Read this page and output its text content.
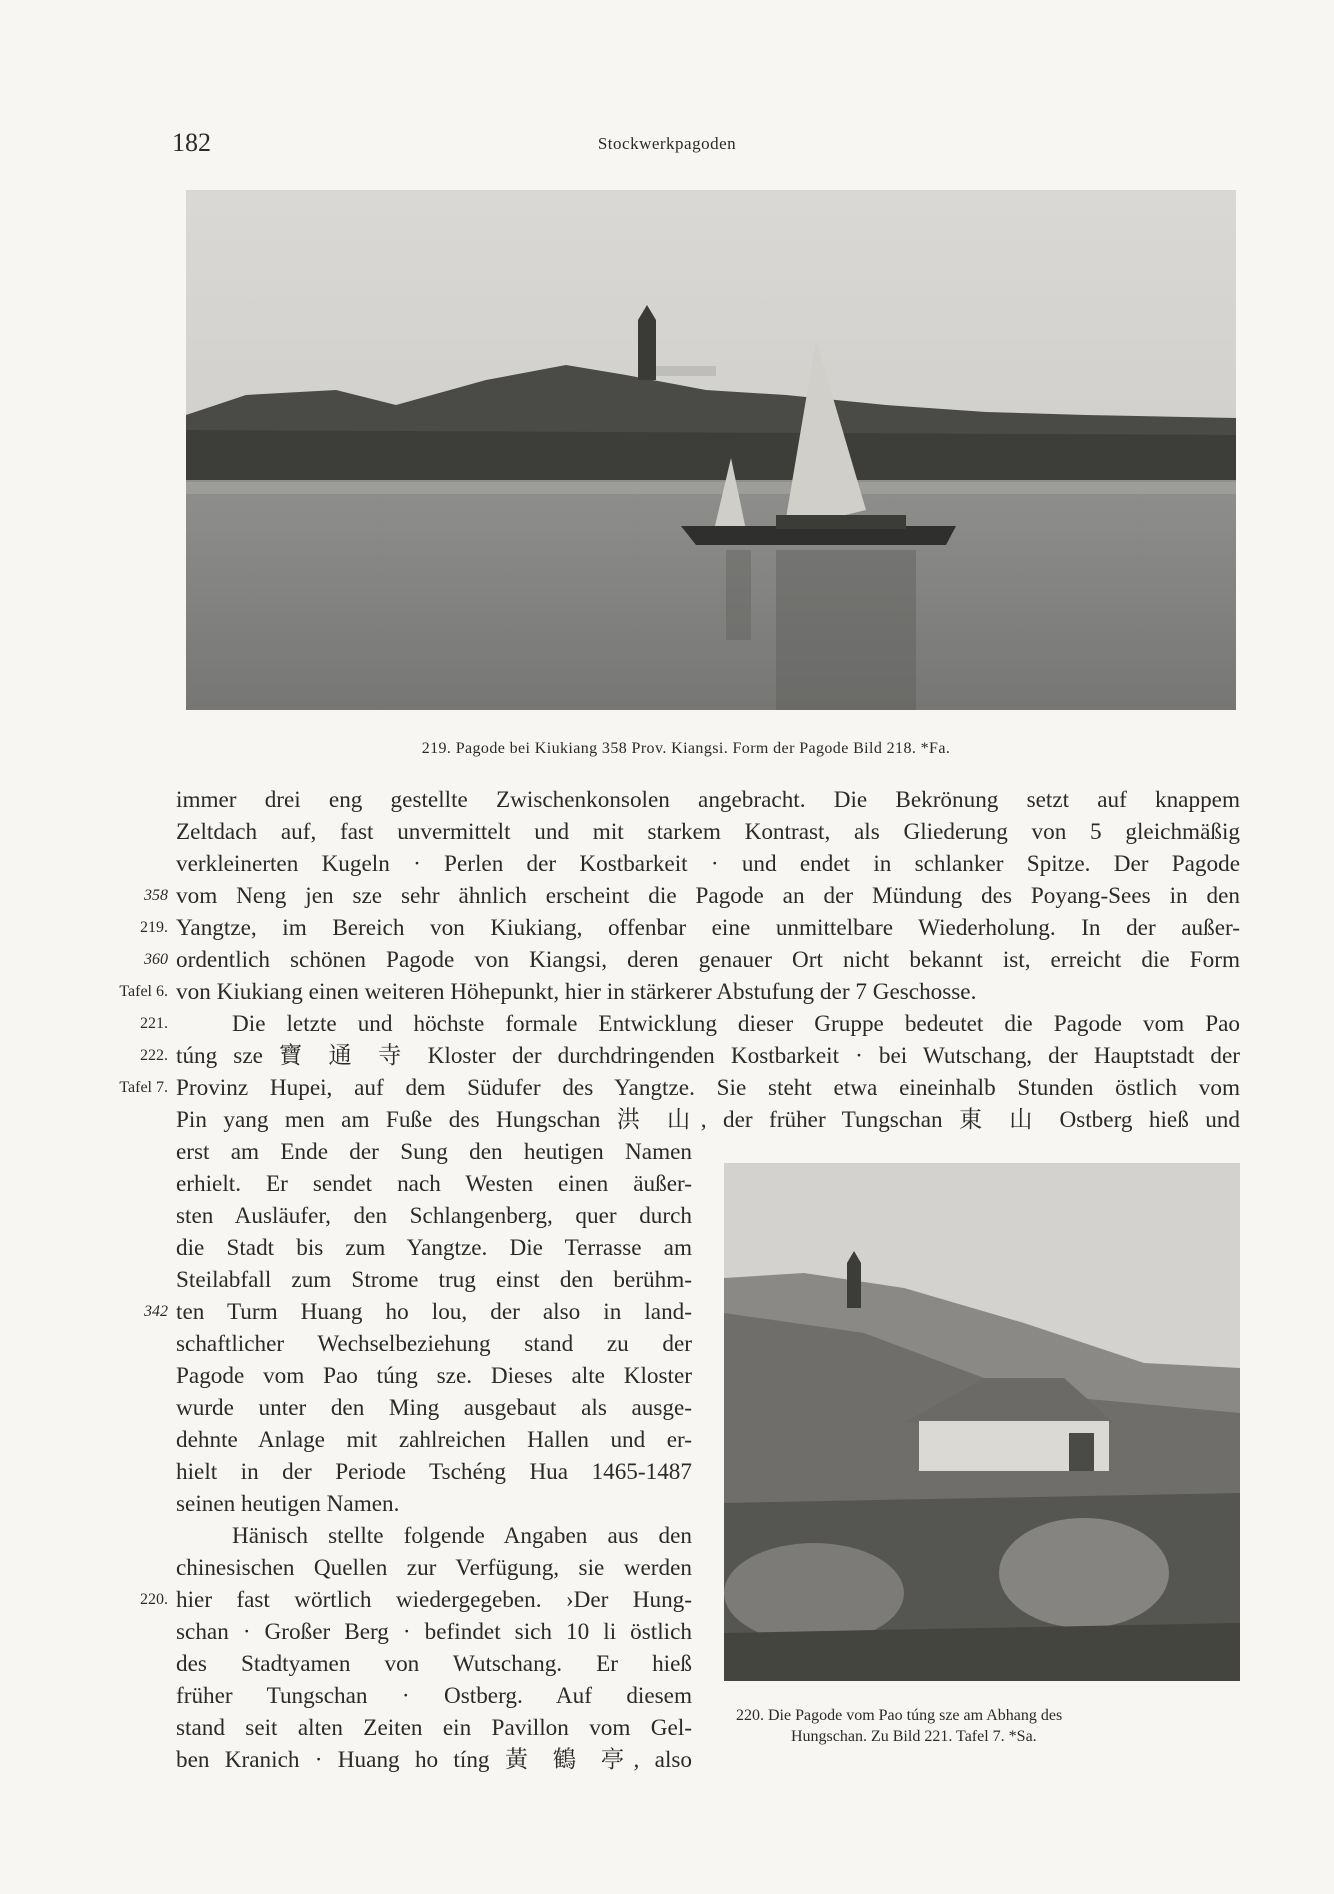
182	Stockwerkpagoden
219. Pagode bei Kiukiang 358 Prov. Kiangsi. Form der Pagode Bild 218. *Fa.
220. Die Pagode vom Pao túng sze am Abhang des
Hungschan. Zu Bild 221. Tafel 7. *Sa.
358
219.
360
Tafel 6.
221.
222.
Tafel 7.
342
220.
immer drei eng gestellte Zwischenkonsolen angebracht. Die Bekrönung setzt auf knappem
Zeltdach auf, fast unvermittelt und mit starkem Kontrast, als Gliederung von 5 gleichmäßig
verkleinerten Kugeln · Perlen der Kostbarkeit · und endet in schlanker Spitze. Der Pagode
vom Neng jen sze sehr ähnlich erscheint die Pagode an der Mündung des Poyang-Sees in den
Yangtze, im Bereich von Kiukiang, offenbar eine unmittelbare Wiederholung. In der außer-
ordentlich schönen Pagode von Kiangsi, deren genauer Ort nicht bekannt ist, erreicht die Form
von Kiukiang einen weiteren Höhepunkt, hier in stärkerer Abstufung der 7 Geschosse.
Die letzte und höchste formale Entwicklung dieser Gruppe bedeutet die Pagode vom Pao
túng sze 寶 通 寺 Kloster der durchdringenden Kostbarkeit · bei Wutschang, der Hauptstadt der
Provinz Hupei, auf dem Südufer des Yangtze. Sie steht etwa eineinhalb Stunden östlich vom
Pin yang men am Fuße des Hungschan 洪 山, der früher Tungschan 東 山 Ostberg hieß und
erst am Ende der Sung den heutigen Namen
erhielt. Er sendet nach Westen einen äußer-
sten Ausläufer, den Schlangenberg, quer durch
die Stadt bis zum Yangtze. Die Terrasse am
Steilabfall zum Strome trug einst den berühm-
ten Turm Huang ho lou, der also in land-
schaftlicher Wechselbeziehung stand zu der
Pagode vom Pao túng sze. Dieses alte Kloster
wurde unter den Ming ausgebaut als ausge-
dehnte Anlage mit zahlreichen Hallen und er-
hielt in der Periode Tschéng Hua 1465-1487
seinen heutigen Namen.
Hänisch stellte folgende Angaben aus den
chinesischen Quellen zur Verfügung, sie werden
hier fast wörtlich wiedergegeben. ›Der Hung-
schan · Großer Berg · befindet sich 10 li östlich
des Stadtyamen von Wutschang. Er hieß
früher Tungschan · Ostberg. Auf diesem
stand seit alten Zeiten ein Pavillon vom Gel-
ben Kranich · Huang ho tíng 黃 鶴 亭, also
